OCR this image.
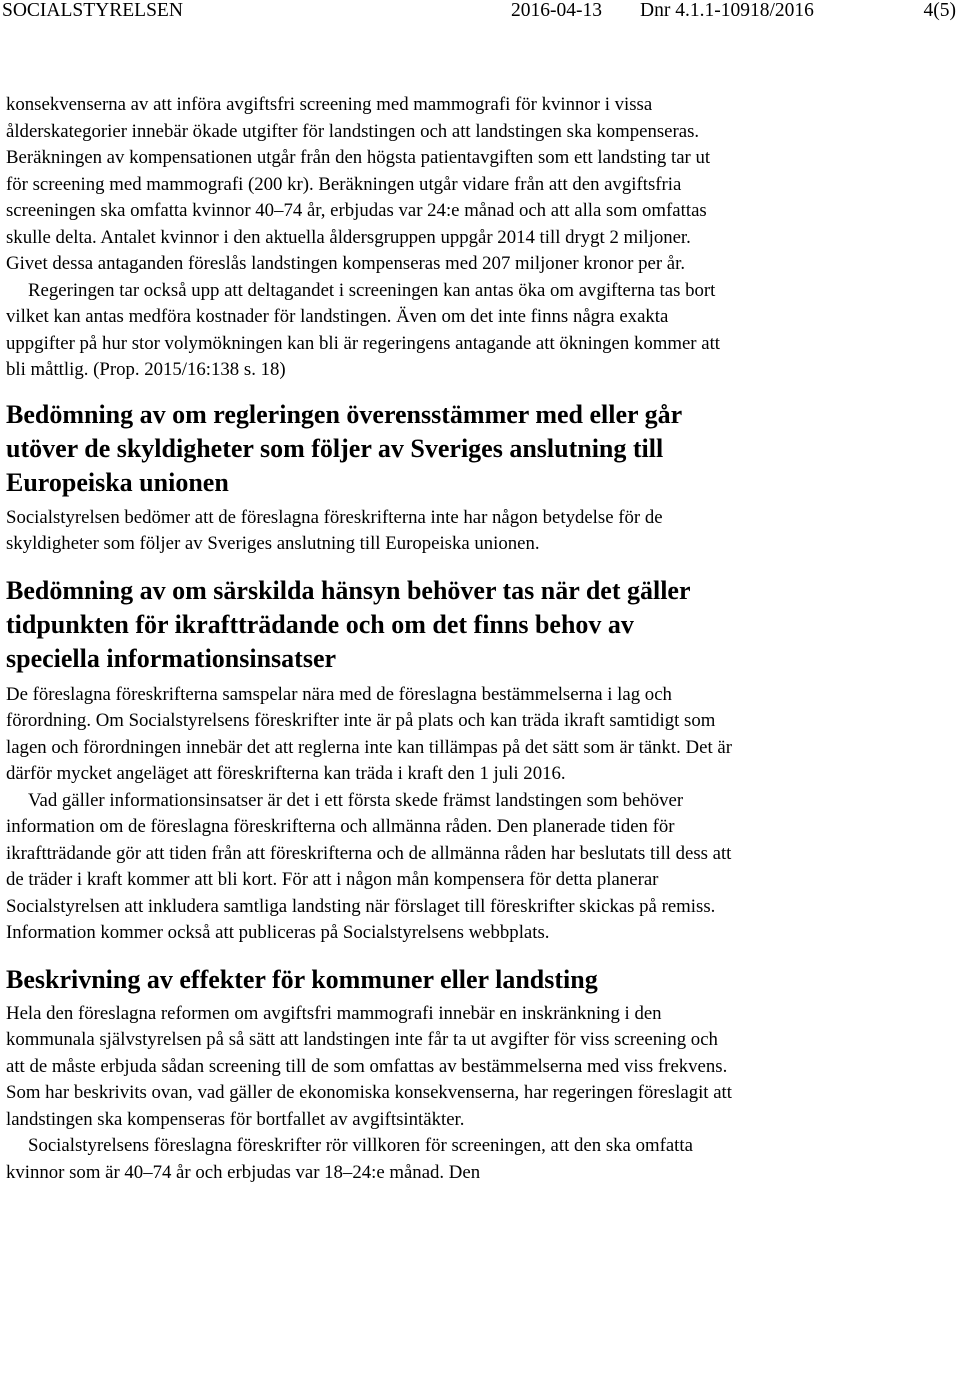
SOCIALSTYRELSEN	2016-04-13 Dnr 4.1.1-10918/2016	4(5)

konsekvenserna av att införa avgiftsfri screening med mammografi för kvinnor i vissa ålderskategorier innebär ökade utgifter för landstingen och att landstingen ska kompenseras. Beräkningen av kompensationen utgår från den högsta patientavgiften som ett landsting tar ut för screening med mammografi (200 kr). Beräkningen utgår vidare från att den avgiftsfria screeningen ska omfatta kvinnor 40–74 år, erbjudas var 24:e månad och att alla som omfattas skulle delta. Antalet kvinnor i den aktuella åldersgruppen uppgår 2014 till drygt 2 miljoner. Givet dessa antaganden föreslås landstingen kompenseras med 207 miljoner kronor per år.

Regeringen tar också upp att deltagandet i screeningen kan antas öka om avgifterna tas bort vilket kan antas medföra kostnader för landstingen. Även om det inte finns några exakta uppgifter på hur stor volymökningen kan bli är regeringens antagande att ökningen kommer att bli måttlig. (Prop. 2015/16:138 s. 18)

Bedömning av om regleringen överensstämmer med eller går utöver de skyldigheter som följer av Sveriges anslutning till Europeiska unionen

Socialstyrelsen bedömer att de föreslagna föreskrifterna inte har någon betydelse för de skyldigheter som följer av Sveriges anslutning till Europeiska unionen.

Bedömning av om särskilda hänsyn behöver tas när det gäller tidpunkten för ikraftträdande och om det finns behov av speciella informationsinsatser

De föreslagna föreskrifterna samspelar nära med de föreslagna bestämmelserna i lag och förordning. Om Socialstyrelsens föreskrifter inte är på plats och kan träda ikraft samtidigt som lagen och förordningen innebär det att reglerna inte kan tillämpas på det sätt som är tänkt. Det är därför mycket angeläget att föreskrifterna kan träda i kraft den 1 juli 2016.

Vad gäller informationsinsatser är det i ett första skede främst landstingen som behöver information om de föreslagna föreskrifterna och allmänna råden. Den planerade tiden för ikraftträdande gör att tiden från att föreskrifterna och de allmänna råden har beslutats till dess att de träder i kraft kommer att bli kort. För att i någon mån kompensera för detta planerar Socialstyrelsen att inkludera samtliga landsting när förslaget till föreskrifter skickas på remiss. Information kommer också att publiceras på Socialstyrelsens webbplats.

Beskrivning av effekter för kommuner eller landsting

Hela den föreslagna reformen om avgiftsfri mammografi innebär en inskränkning i den kommunala självstyrelsen på så sätt att landstingen inte får ta ut avgifter för viss screening och att de måste erbjuda sådan screening till de som omfattas av bestämmelserna med viss frekvens. Som har beskrivits ovan, vad gäller de ekonomiska konsekvenserna, har regeringen föreslagit att landstingen ska kompenseras för bortfallet av avgiftsintäkter.

Socialstyrelsens föreslagna föreskrifter rör villkoren för screeningen, att den ska omfatta kvinnor som är 40–74 år och erbjudas var 18–24:e månad. Den
